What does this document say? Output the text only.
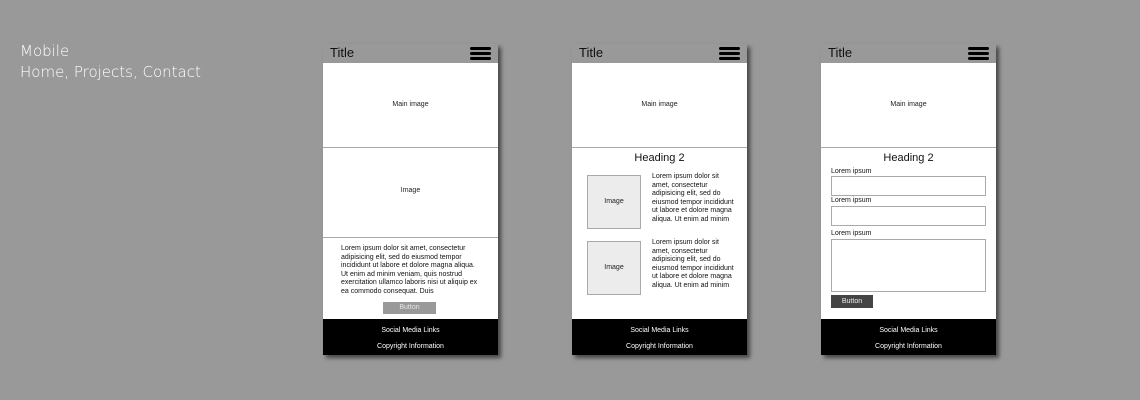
Mobile
Home, Projects, Contact
Title
Main image
Image
Lorem ipsum dolor sit amet, consectetur adipisicing elit, sed do eiusmod tempor incididunt ut labore et dolore magna aliqua. Ut enim ad minim veniam, quis nostrud exercitation ullamco laboris nisi ut aliquip ex ea commodo consequat. Duis
Button
Social Media Links
Copyright Information
Title
Main image
Heading 2
Image
Lorem ipsum dolor sit amet, consectetur adipisicing elit, sed do eiusmod tempor incididunt ut labore et dolore magna aliqua. Ut enim ad minim
Image
Lorem ipsum dolor sit amet, consectetur adipisicing elit, sed do eiusmod tempor incididunt ut labore et dolore magna aliqua. Ut enim ad minim
Social Media Links
Copyright Information
Title
Main image
Heading 2
Lorem ipsum
Lorem ipsum
Lorem ipsum
Button
Social Media Links
Copyright Information
